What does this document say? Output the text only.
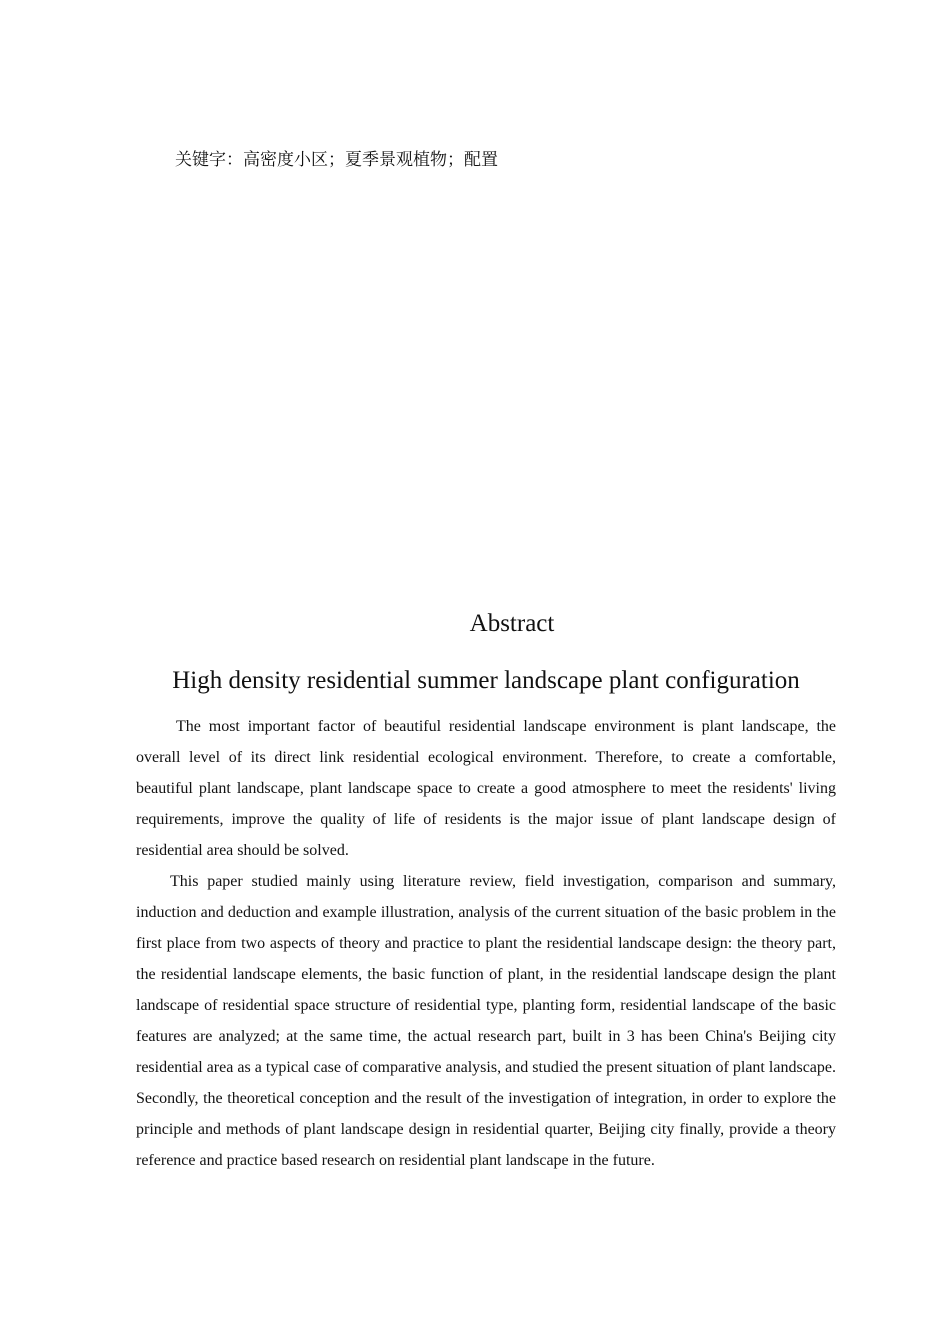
关键字：高密度小区；夏季景观植物；配置
Abstract
High density residential summer landscape plant configuration

The most important factor of beautiful residential landscape environment is plant landscape, the overall level of its direct link residential ecological environment. Therefore, to create a comfortable, beautiful plant landscape, plant landscape space to create a good atmosphere to meet the residents' living requirements, improve the quality of life of residents is the major issue of plant landscape design of residential area should be solved.

This paper studied mainly using literature review, field investigation, comparison and summary, induction and deduction and example illustration, analysis of the current situation of the basic problem in the first place from two aspects of theory and practice to plant the residential landscape design: the theory part, the residential landscape elements, the basic function of plant, in the residential landscape design the plant landscape of residential space structure of residential type, planting form, residential landscape of the basic features are analyzed; at the same time, the actual research part, built in 3 has been China's Beijing city residential area as a typical case of comparative analysis, and studied the present situation of plant landscape. Secondly, the theoretical conception and the result of the investigation of integration, in order to explore the principle and methods of plant landscape design in residential quarter, Beijing city finally, provide a theory reference and practice based research on residential plant landscape in the future.
